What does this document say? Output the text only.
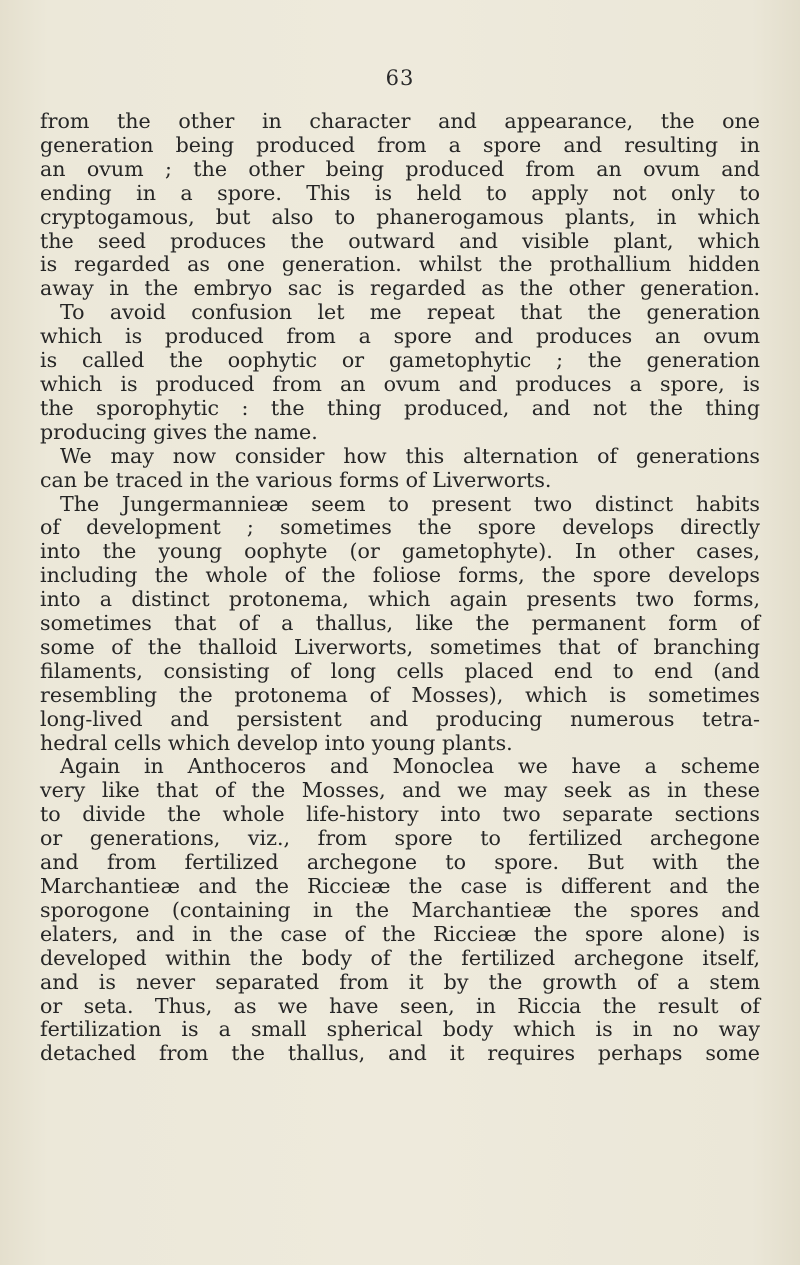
63
from the other in character and appearance, the one
generation being produced from a spore and resulting in
an ovum ; the other being produced from an ovum and
ending in a spore. This is held to apply not only to
cryptogamous, but also to phanerogamous plants, in which
the seed produces the outward and visible plant, which
is regarded as one generation. whilst the prothallium hidden
away in the embryo sac is regarded as the other generation.
To avoid confusion let me repeat that the generation
which is produced from a spore and produces an ovum
is called the oophytic or gametophytic ; the generation
which is produced from an ovum and produces a spore, is
the sporophytic : the thing produced, and not the thing
producing gives the name.
We may now consider how this alternation of generations
can be traced in the various forms of Liverworts.
The Jungermannieæ seem to present two distinct habits
of development ; sometimes the spore develops directly
into the young oophyte (or gametophyte). In other cases,
including the whole of the foliose forms, the spore develops
into a distinct protonema, which again presents two forms,
sometimes that of a thallus, like the permanent form of
some of the thalloid Liverworts, sometimes that of branching
filaments, consisting of long cells placed end to end (and
resembling the protonema of Mosses), which is sometimes
long-lived and persistent and producing numerous tetra-
hedral cells which develop into young plants.
Again in Anthoceros and Monoclea we have a scheme
very like that of the Mosses, and we may seek as in these
to divide the whole life-history into two separate sections
or generations, viz., from spore to fertilized archegone
and from fertilized archegone to spore. But with the
Marchantieæ and the Riccieæ the case is different and the
sporogone (containing in the Marchantieæ the spores and
elaters, and in the case of the Riccieæ the spore alone) is
developed within the body of the fertilized archegone itself,
and is never separated from it by the growth of a stem
or seta. Thus, as we have seen, in Riccia the result of
fertilization is a small spherical body which is in no way
detached from the thallus, and it requires perhaps some
